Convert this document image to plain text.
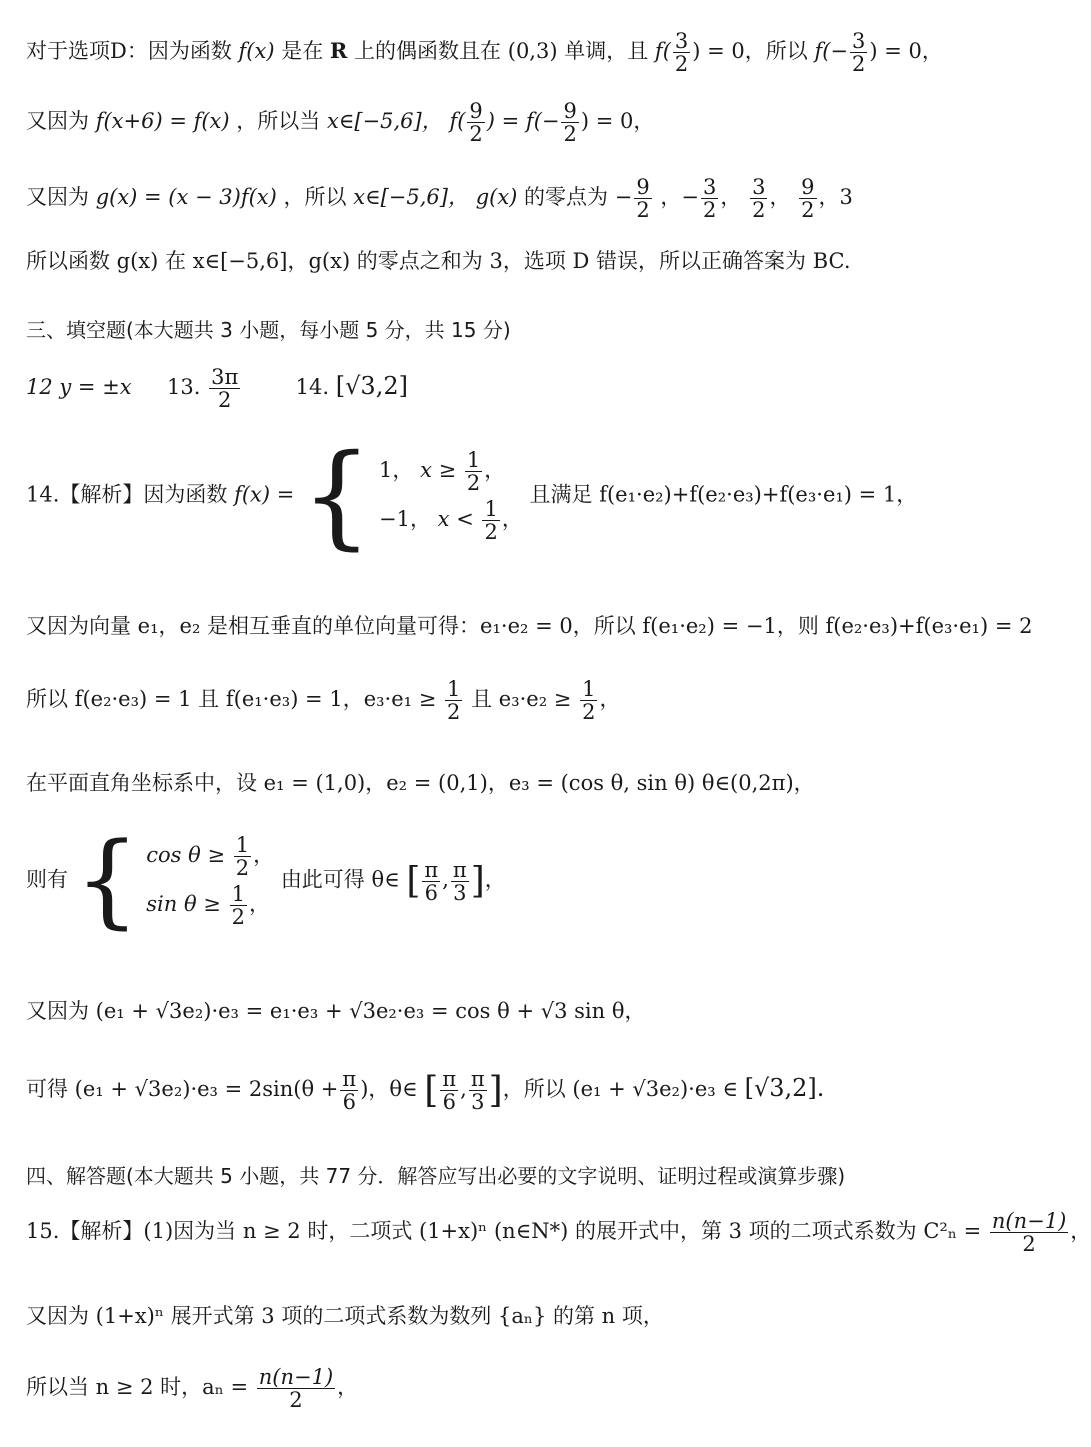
对于选项D：因为函数 f(x) 是在 R 上的偶函数且在 (0,3) 单调，且 $f( \frac{3}{2}$ ) = 0，所以 $f(- \frac{3}{2}$ ) = 0，
又因为 f(x+6) = f(x) ，所以当 x∈[−5,6]， $f( \frac{9}{2}$ ) = $f(- \frac{9}{2}$ ) = 0，
又因为 g(x) = (x − 3)f(x) ，所以 x∈[−5,6]， g(x) 的零点为 − $\frac{9}{2}$ ，− $\frac{3}{2}$ ， $\frac{3}{2}$ ， $\frac{9}{2}$ ，3
所以函数 g(x) 在 x∈[−5,6]，g(x) 的零点之和为 3，选项 D 错误，所以正确答案为 BC.
三、填空题(本大题共 3 小题，每小题 5 分，共 15 分)
12 y = ±x 13. $\frac{3\pi}{2}$	14. [√3,2]
14.【解析】因为函数 f(x) = { 1， $x \ge \frac{1}{2}$ ，
−1， $x < \frac{1}{2}$ ，
且满足 f(e₁·e₂)+f(e₂·e₃)+f(e₃·e₁) = 1，
又因为向量 e₁，e₂ 是相互垂直的单位向量可得：e₁·e₂ = 0，所以 f(e₁·e₂) = −1，则 f(e₂·e₃)+f(e₃·e₁) = 2
所以 f(e₂·e₃) = 1 且 f(e₁·e₃) = 1，$e_3\cdot e_1 \ge \frac{1}{2}$ 且 $e_3\cdot e_2 \ge \frac{1}{2}$ ，
在平面直角坐标系中，设 e₁ = (1,0)，e₂ = (0,1)，e₃ = (cos θ, sin θ) θ∈(0,2π)，
则有 { $\cos \theta \ge \frac{1}{2}$ ，
$\sin \theta \ge \frac{1}{2}$ ，
由此可得 θ∈ [ $\frac{\pi}{6}$ , $\frac{\pi}{3}$ ]，
又因为 (e₁ + √3e₂)·e₃ = e₁·e₃ + √3e₂·e₃ = cos θ + √3 sin θ，
可得 $(e_1 + √3e_2)\cdot e_3 = 2\sin(\theta + \frac{\pi}{6}$ )，θ∈ [ $\frac{\pi}{6}$ , $\frac{\pi}{3}$ ]，所以 (e₁ + √3e₂)·e₃ ∈ [√3,2].
四、解答题(本大题共 5 小题，共 77 分．解答应写出必要的文字说明、证明过程或演算步骤)
15.【解析】(1)因为当 n ≥ 2 时，二项式 (1+x)ⁿ (n∈N*) 的展开式中，第 3 项的二项式系数为 $C^2_n = \frac{n(n-1)}{2}$ ，
又因为 (1+x)ⁿ 展开式第 3 项的二项式系数为数列 {aₙ} 的第 n 项，
所以当 n ≥ 2 时，$a_n = \frac{n(n-1)}{2}$ ，
